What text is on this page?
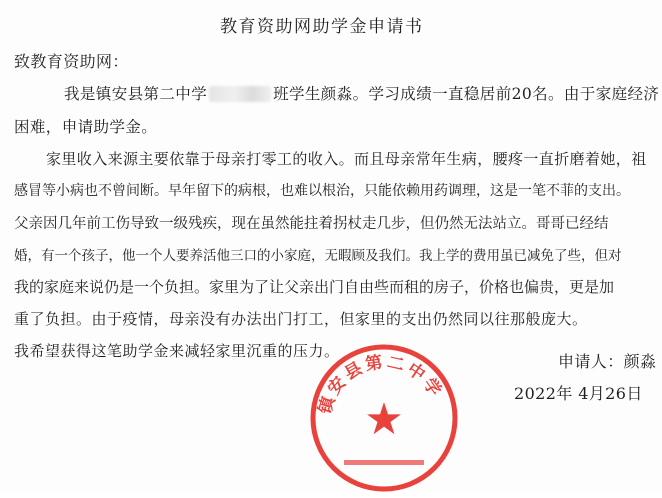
教育资助网助学金申请书
致教育资助网：
我是镇安县第二中学	班学生颜淼。学习成绩一直稳居前20名。由于家庭经济
困难，申请助学金。
家里收入来源主要依靠于母亲打零工的收入。而且母亲常年生病，腰疼一直折磨着她，祖
感冒等小病也不曾间断。早年留下的病根，也难以根治，只能依赖用药调理，这是一笔不菲的支出。
父亲因几年前工伤导致一级残疾，现在虽然能拄着拐杖走几步，但仍然无法站立。哥哥已经结
婚，有一个孩子，他一个人要养活他三口的小家庭，无暇顾及我们。我上学的费用虽已减免了些，但对
我的家庭来说仍是一个负担。家里为了让父亲出门自由些而租的房子，价格也偏贵，更是加
重了负担。由于疫情，母亲没有办法出门打工，但家里的支出仍然同以往那般庞大。
我希望获得这笔助学金来减轻家里沉重的压力。
申请人：颜淼
2022年 4月26日
镇安县第二中学
★
